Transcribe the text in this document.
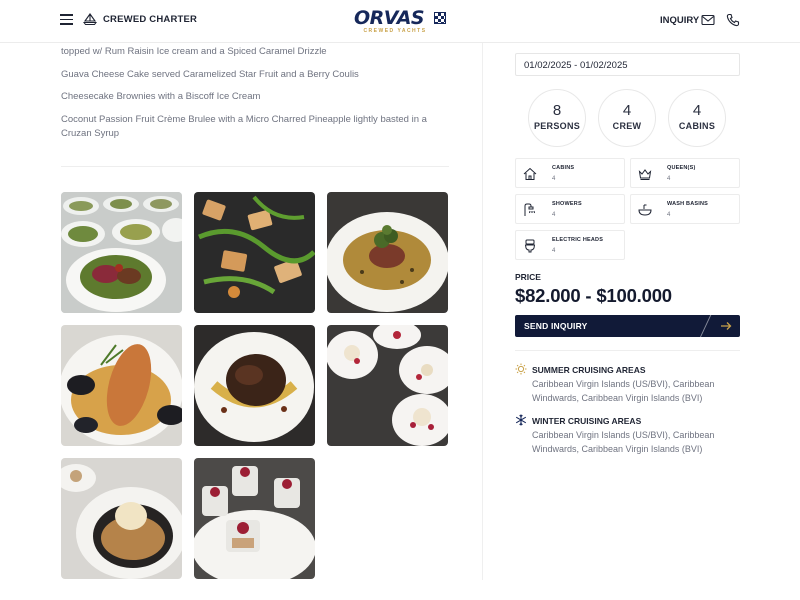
CREWED CHARTER	ORVAS
CREWED YACHTS
INQUIRY
topped w/ Rum Raisin Ice cream and a Spiced Caramel Drizzle
Guava Cheese Cake served Caramelized Star Fruit and a Berry Coulis
Cheesecake Brownies with a Biscoff Ice Cream
Coconut Passion Fruit Crème Brulee with a Micro Charred Pineapple lightly basted in a Cruzan Syrup
01/02/2025 - 01/02/2025
8
PERSONS
4
CREW
4
CABINS
CABINS
4
QUEEN(S)
4
SHOWERS
4
WASH BASINS
4
ELECTRIC HEADS
4
PRICE
$82.000 - $100.000
SEND INQUIRY
SUMMER CRUISING AREAS
Caribbean Virgin Islands (US/BVI), Caribbean Windwards, Caribbean Virgin Islands (BVI)
WINTER CRUISING AREAS
Caribbean Virgin Islands (US/BVI), Caribbean Windwards, Caribbean Virgin Islands (BVI)
